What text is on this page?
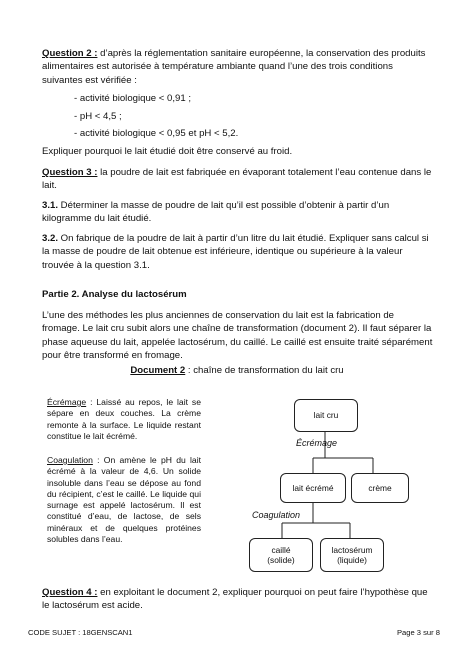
Question 2 : d’après la réglementation sanitaire européenne, la conservation des produits alimentaires est autorisée à température ambiante quand l’une des trois conditions suivantes est vérifiée :

- activité biologique < 0,91 ;
- pH < 4,5 ;
- activité biologique < 0,95 et pH < 5,2.

Expliquer pourquoi le lait étudié doit être conservé au froid.

Question 3 : la poudre de lait est fabriquée en évaporant totalement l’eau contenue dans le lait.

3.1. Déterminer la masse de poudre de lait qu’il est possible d’obtenir à partir d’un kilogramme du lait étudié.

3.2. On fabrique de la poudre de lait à partir d’un litre du lait étudié. Expliquer sans calcul si la masse de poudre de lait obtenue est inférieure, identique ou supérieure à la valeur trouvée à la question 3.1.

Partie 2. Analyse du lactosérum

L’une des méthodes les plus anciennes de conservation du lait est la fabrication de fromage. Le lait cru subit alors une chaîne de transformation (document 2). Il faut séparer la phase aqueuse du lait, appelée lactosérum, du caillé. Le caillé est ensuite traité séparément pour être transformé en fromage.

Document 2 : chaîne de transformation du lait cru
Écrémage : Laissé au repos, le lait se sépare en deux couches. La crème remonte à la surface. Le liquide restant constitue le lait écrémé.
Coagulation : On amène le pH du lait écrémé à la valeur de 4,6. Un solide insoluble dans l’eau se dépose au fond du récipient, c’est le caillé. Le liquide qui surnage est appelé lactosérum. Il est constitué d’eau, de lactose, de sels minéraux et de quelques protéines solubles dans l’eau.
lait cru
Écrémage
lait écrémé	crème
Coagulation
caillé
(solide)
lactosérum
(liquide)

Question 4 : en exploitant le document 2, expliquer pourquoi on peut faire l’hypothèse que le lactosérum est acide.

CODE SUJET : 18GENSCAN1	Page 3 sur 8
